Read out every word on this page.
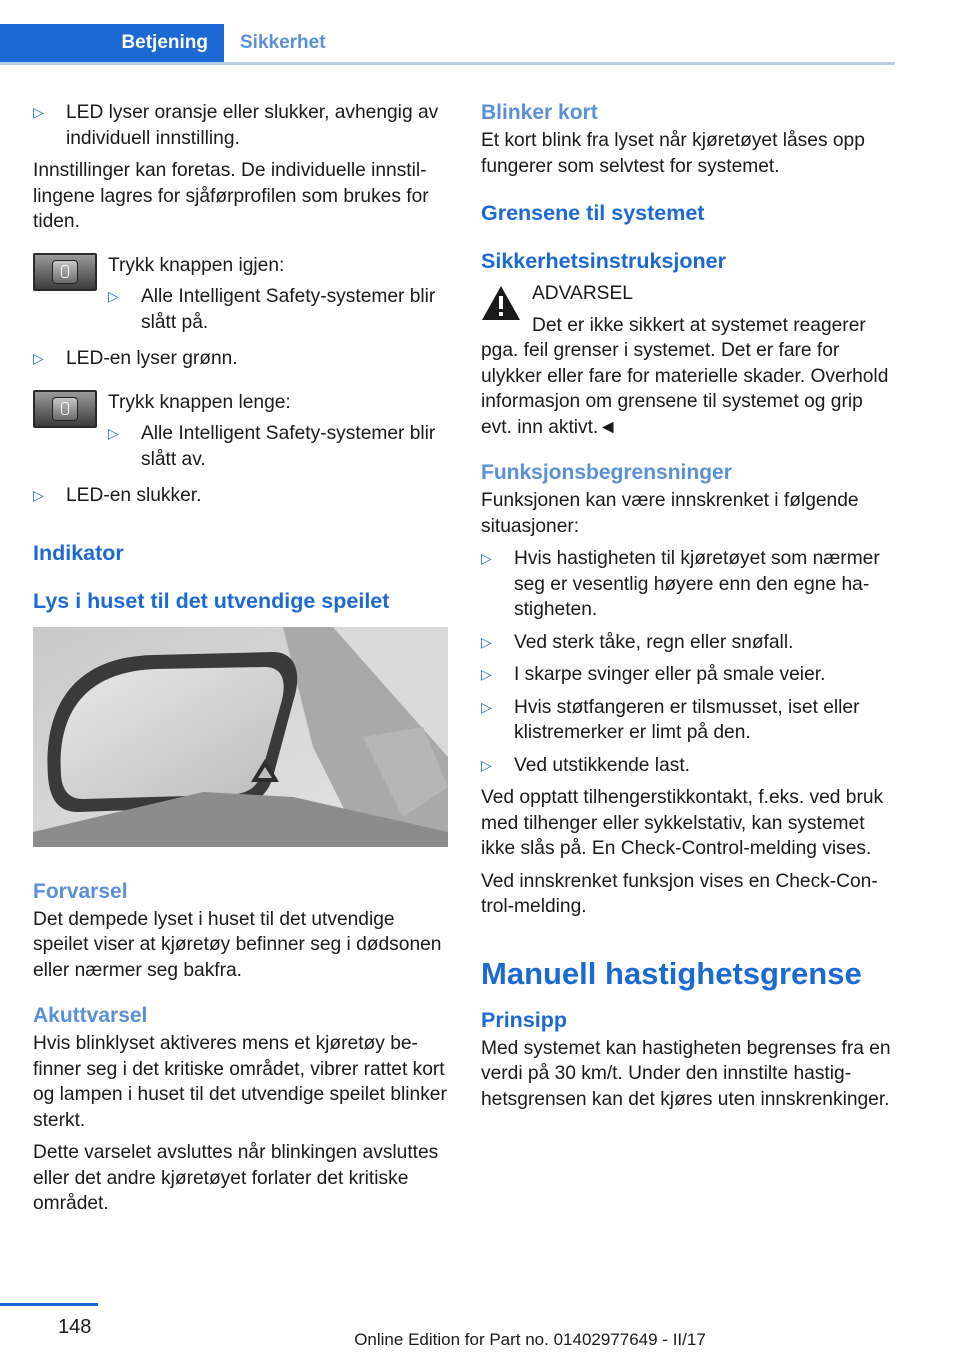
Betjening	Sikkerhet
▷	LED lyser oransje eller slukker, avhengig av individuell innstilling.

Innstillinger kan foretas. De individuelle innstillingene lagres for sjåførprofilen som brukes for tiden.

Trykk knappen igjen:
▷	Alle Intelligent Safety-systemer blir slått på.
▷	LED-en lyser grønn.
Trykk knappen lenge:
▷	Alle Intelligent Safety-systemer blir slått av.
▷	LED-en slukker.
Indikator
Lys i huset til det utvendige speilet
Forvarsel

Det dempede lyset i huset til det utvendige speilet viser at kjøretøy befinner seg i dødsonen eller nærmer seg bakfra.

Akuttvarsel

Hvis blinklyset aktiveres mens et kjøretøy befinner seg i det kritiske området, vibrer rattet kort og lampen i huset til det utvendige speilet blinker sterkt.

Dette varselet avsluttes når blinkingen avsluttes eller det andre kjøretøyet forlater det kritiske området.

Blinker kort

Et kort blink fra lyset når kjøretøyet låses opp fungerer som selvtest for systemet.

Grensene til systemet
Sikkerhetsinstruksjoner
ADVARSEL
Det er ikke sikkert at systemet reagerer

pga. feil grenser i systemet. Det er fare for ulykker eller fare for materielle skader. Overhold informasjon om grensene til systemet og grip evt. inn aktivt.◄

Funksjonsbegrensninger

Funksjonen kan være innskrenket i følgende situasjoner:

▷	Hvis hastigheten til kjøretøyet som nærmer seg er vesentlig høyere enn den egne hastigheten.
▷	Ved sterk tåke, regn eller snøfall.
▷	I skarpe svinger eller på smale veier.
▷	Hvis støtfangeren er tilsmusset, iset eller klistremerker er limt på den.
▷	Ved utstikkende last.

Ved opptatt tilhengerstikkontakt, f.eks. ved bruk med tilhenger eller sykkelstativ, kan systemet ikke slås på. En Check-Control-melding vises.

Ved innskrenket funksjon vises en Check-Control-melding.

Manuell hastighetsgrense
Prinsipp

Med systemet kan hastigheten begrenses fra en verdi på 30 km/t. Under den innstilte hastighetsgrensen kan det kjøres uten innskrenkinger.

148
Online Edition for Part no. 01402977649 - II/17
